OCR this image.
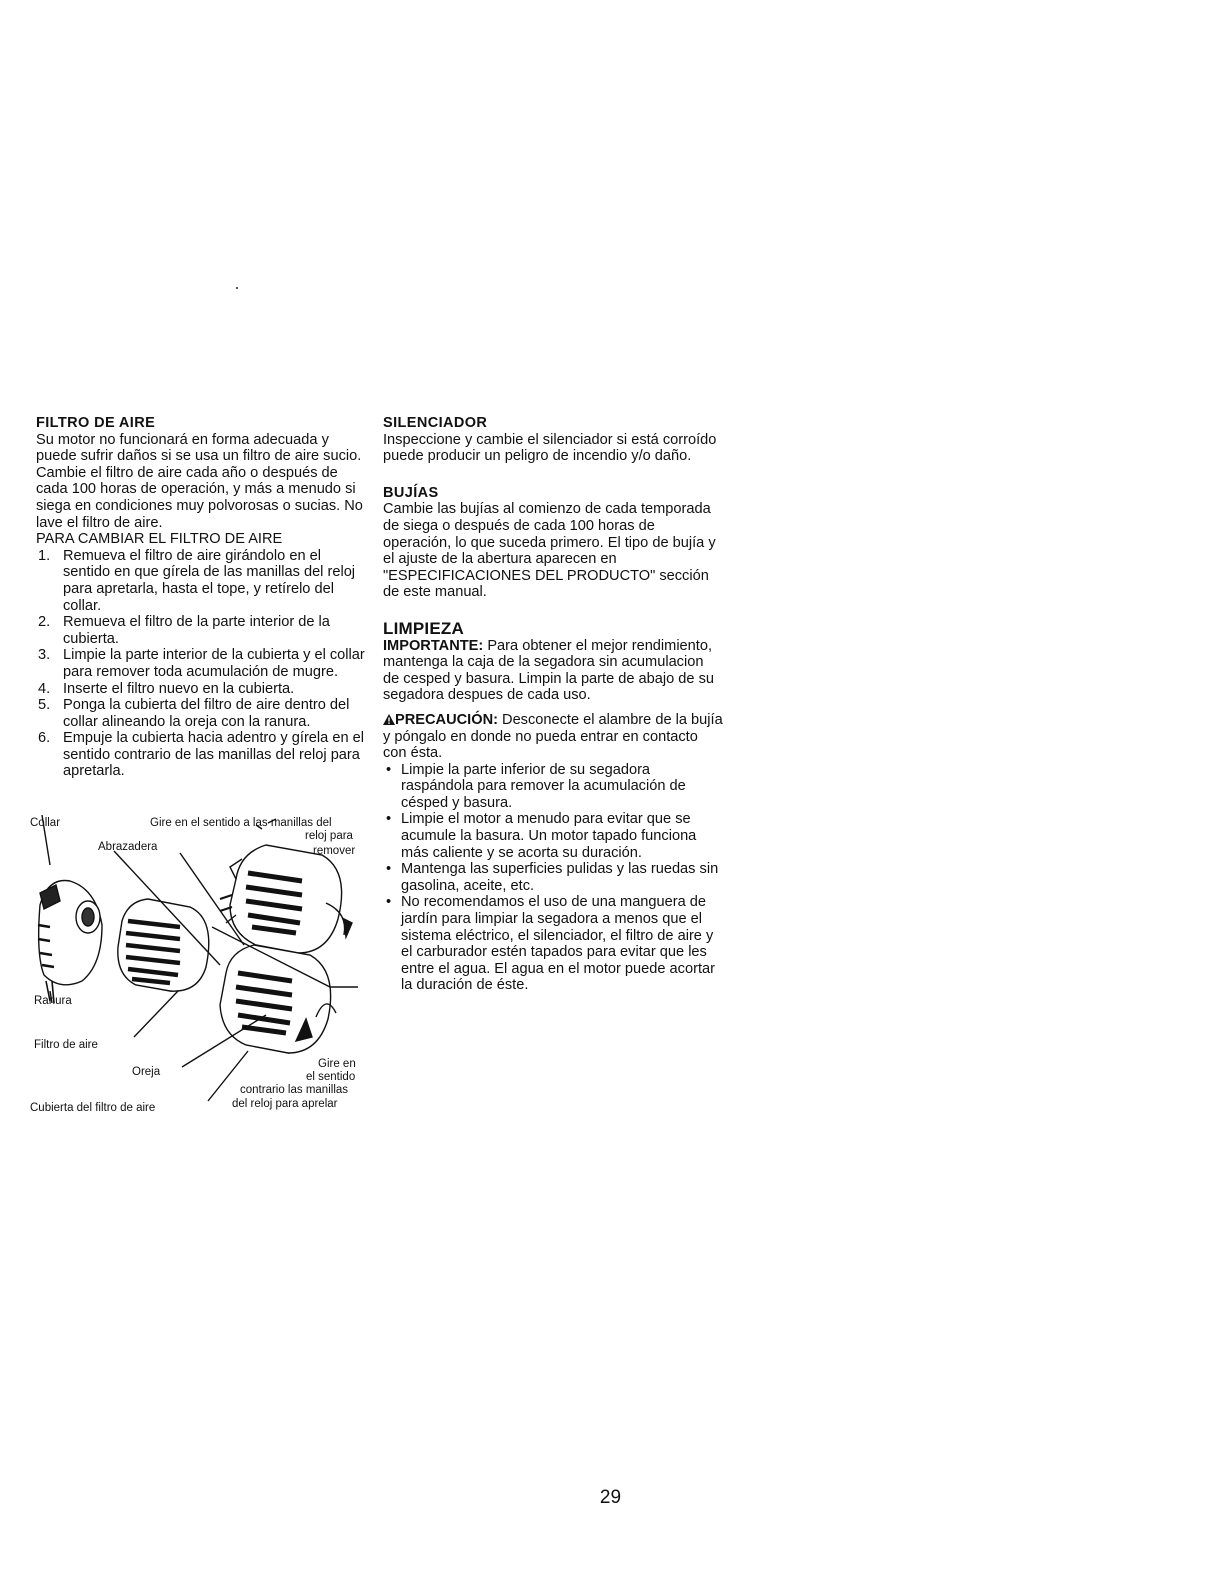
FILTRO DE AIRE

Su motor no funcionará en forma adecuada y puede sufrir daños si se usa un filtro de aire sucio.

Cambie el filtro de aire cada año o después de cada 100 horas de operación, y más a menudo si siega en condiciones muy polvorosas o sucias. No lave el filtro de aire.

PARA CAMBIAR EL FILTRO DE AIRE

1. Remueva el filtro de aire girándolo en el sentido en que gírela de las manillas del reloj para apretarla, hasta el tope, y retírelo del collar.
2. Remueva el filtro de la parte interior de la cubierta.
3. Limpie la parte interior de la cubierta y el collar para remover toda acumulación de mugre.
4. Inserte el filtro nuevo en la cubierta.
5. Ponga la cubierta del filtro de aire dentro del collar alineando la oreja con la ranura.
6. Empuje la cubierta hacia adentro y gírela en el sentido contrario de las manillas del reloj para apretarla.
Collar
Abrazadera
Gire en el sentido a las manillas del
reloj para
remover
Ranura
Filtro de aire
Oreja
Cubierta del filtro de aire
Gire en
el sentido
contrario las manillas
del reloj para aprelar
SILENCIADOR

Inspeccione y cambie el silenciador si está corroído puede producir un peligro de incendio y/o daño.

BUJÍAS

Cambie las bujías al comienzo de cada temporada de siega o después de cada 100 horas de operación, lo que suceda primero. El tipo de bujía y el ajuste de la abertura aparecen en "ESPECIFICACIONES DEL PRODUCTO" sección de este manual.

LIMPIEZA

IMPORTANTE: Para obtener el mejor rendimiento, mantenga la caja de la segadora sin acumulacion de cesped y basura. Limpin la parte de abajo de su segadora despues de cada uso.

PRECAUCIÓN: Desconecte el alambre de la bujía y póngalo en donde no pueda entrar en contacto con ésta.

• Limpie la parte inferior de su segadora raspándola para remover la acumulación de césped y basura.
• Limpie el motor a menudo para evitar que se acumule la basura. Un motor tapado funciona más caliente y se acorta su duración.
• Mantenga las superficies pulidas y las ruedas sin gasolina, aceite, etc.
• No recomendamos el uso de una manguera de jardín para limpiar la segadora a menos que el sistema eléctrico, el silenciador, el filtro de aire y el carburador estén tapados para evitar que les entre el agua. El agua en el motor puede acortar la duración de éste.
29
